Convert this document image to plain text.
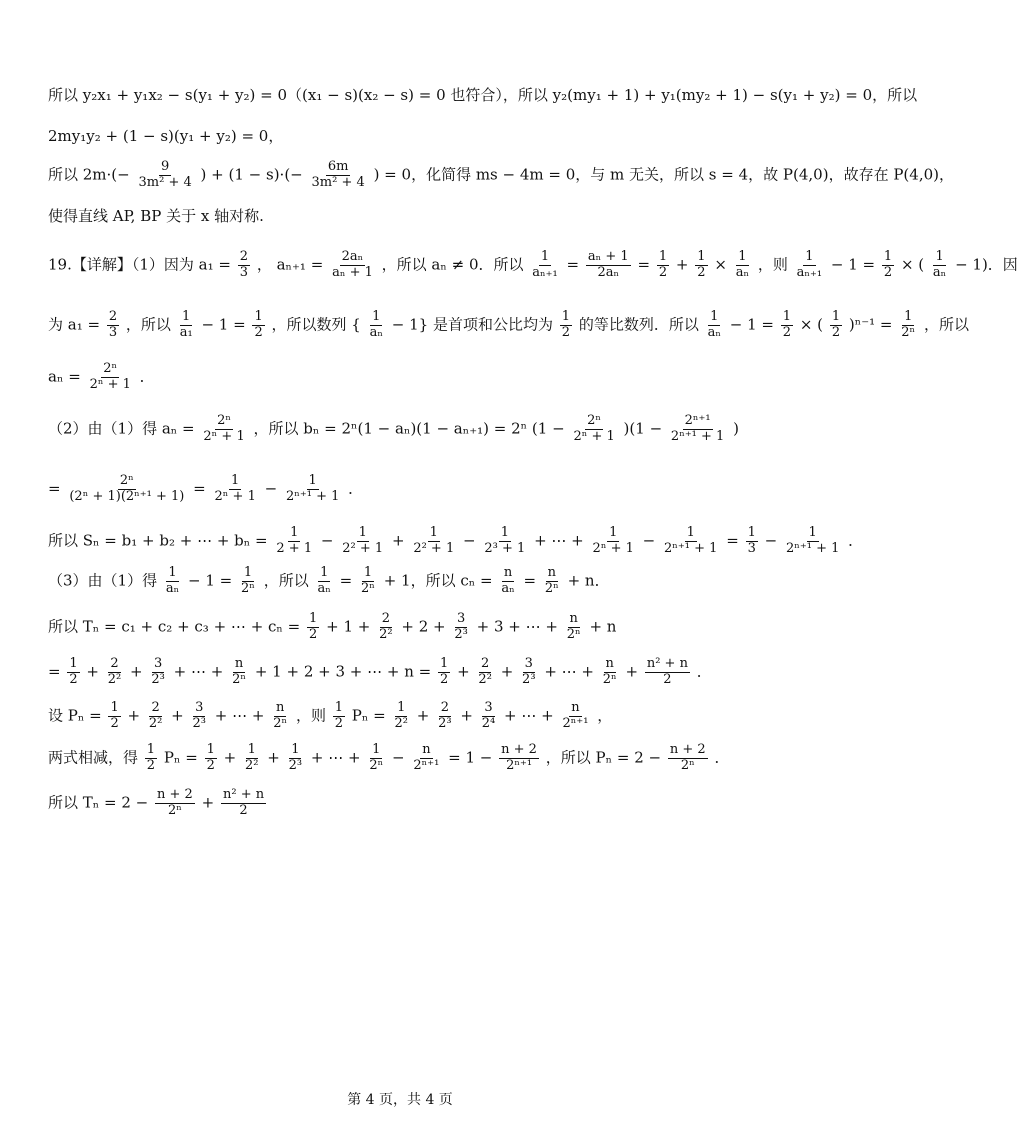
所以 y₂x₁ + y₁x₂ − s(y₁ + y₂) = 0（(x₁ − s)(x₂ − s) = 0 也符合），所以 y₂(my₁ + 1) + y₁(my₂ + 1) − s(y₁ + y₂) = 0，所以
2my₁y₂ + (1 − s)(y₁ + y₂) = 0，
所以 $2m\cdot(- \frac{9}{\text{3m² + 4}}$ ) + $(1 - s)\cdot(- \frac{6m}{\text{3m² + 4}}$ ) = 0，化简得 ms − 4m = 0，与 m 无关，所以 s = 4，故 P(4,0)，故存在 P(4,0)，
使得直线 AP, BP 关于 x 轴对称.
19.【详解】（1）因为 $a_1 = \frac{2}{3}$ ， $a_{n+1} = \frac{\text{2aₙ}}{\text{aₙ + 1}}$ ，所以 aₙ ≠ 0．所以 $\frac{1}{\text{aₙ₊₁}} = \frac{\text{aₙ + 1}}{\text{2aₙ}} = \frac{1}{2} + \frac{1}{2} \times \frac{1}{\text{aₙ}}$ ，则 $\frac{1}{\text{aₙ₊₁}} - 1 = \frac{1}{2}$ × ( $\frac{1}{\text{aₙ}} - 1$)．因
为 $a_1 = \frac{2}{3}$ ，所以 $\frac{1}{\text{a₁}} - 1 = \frac{1}{2}$ ，所以数列 { $\frac{1}{\text{aₙ}} - 1$} 是首项和公比均为 $\frac{1}{2}$ 的等比数列．所以 $\frac{1}{\text{aₙ}} - 1 = \frac{1}{2}$ × ( $\frac{1}{2} )^{n-1} = \frac{1}{\text{2ⁿ}}$ ，所以
$a_n = \frac{\text{2ⁿ}}{\text{2ⁿ + 1}}$ ．
（2）由（1）得 $a_n = \frac{\text{2ⁿ}}{\text{2ⁿ + 1}}$ ，所以 bₙ = 2ⁿ(1 − aₙ)(1 − aₙ₊₁) = 2ⁿ $(1 - \frac{\text{2ⁿ}}{\text{2ⁿ + 1}} )(1 - \frac{\text{2ⁿ⁺¹}}{\text{2ⁿ⁺¹ + 1}}$ )
= $\frac{\text{2ⁿ}}{\text{(2ⁿ + 1)(2ⁿ⁺¹ + 1)}} = \frac{1}{\text{2ⁿ + 1}} - \frac{1}{\text{2ⁿ⁺¹ + 1}}$ ．
所以 Sₙ = b₁ + b₂ + ⋯ + $b_n = \frac{1}{2 + 1} - \frac{1}{\text{2² + 1}} + \frac{1}{\text{2² + 1}} - \frac{1}{\text{2³ + 1}}$ + ⋯ + $\frac{1}{\text{2ⁿ + 1}} - \frac{1}{\text{2ⁿ⁺¹ + 1}} = \frac{1}{3} - \frac{1}{\text{2ⁿ⁺¹ + 1}}$ ．
（3）由（1）得 $\frac{1}{\text{aₙ}} - 1 = \frac{1}{\text{2ⁿ}}$ ，所以 $\frac{1}{\text{aₙ}} = \frac{1}{\text{2ⁿ}} + 1$，所以 $c_n = \frac{n}{\text{aₙ}} = \frac{n}{\text{2ⁿ}} + n$．
所以 Tₙ = c₁ + c₂ + c₃ + ⋯ + $c_n = \frac{1}{2} + 1 + \frac{2}{\text{2²}} + 2 + \frac{3}{\text{2³}} + 3$ + ⋯ + $\frac{n}{\text{2ⁿ}} + n$
= $\frac{1}{2} + \frac{2}{\text{2²}} + \frac{3}{\text{2³}}$ + ⋯ + $\frac{n}{\text{2ⁿ}} + 1 + 2 + 3$ + ⋯ + $n = \frac{1}{2} + \frac{2}{\text{2²}} + \frac{3}{\text{2³}}$ + ⋯ + $\frac{n}{\text{2ⁿ}} + \frac{\text{n² + n}}{2}$ ．
设 $P_n = \frac{1}{2} + \frac{2}{\text{2²}} + \frac{3}{\text{2³}}$ + ⋯ + $\frac{n}{\text{2ⁿ}}$ ，则 $\frac{1}{2}$ $P_n = \frac{1}{\text{2²}} + \frac{2}{\text{2³}} + \frac{3}{\text{2⁴}}$ + ⋯ + $\frac{n}{\text{2ⁿ⁺¹}}$ ，
两式相减，得 $\frac{1}{2}$ $P_n = \frac{1}{2} + \frac{1}{\text{2²}} + \frac{1}{\text{2³}}$ + ⋯ + $\frac{1}{\text{2ⁿ}} - \frac{n}{\text{2ⁿ⁺¹}} = 1 - \frac{n + 2}{\text{2ⁿ⁺¹}}$ ，所以 $P_n = 2 - \frac{n + 2}{\text{2ⁿ}}$ ．
所以 $T_n = 2 - \frac{n + 2}{\text{2ⁿ}} + \frac{\text{n² + n}}{2}$
第 4 页，共 4 页
